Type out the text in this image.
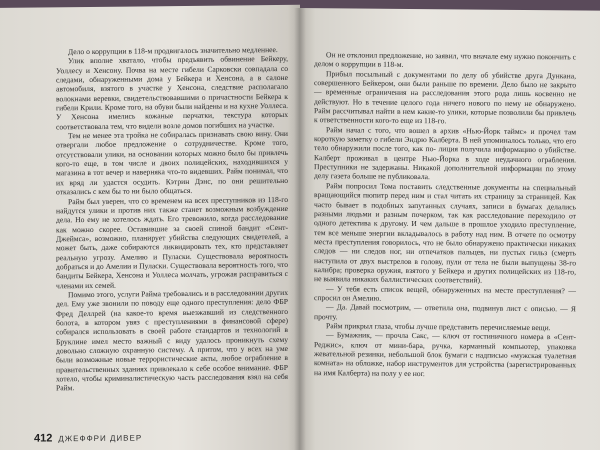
Дело о коррупции в 118-м продвигалось значительно медленнее.

Улик вполне хватало, чтобы предъявить обвинение Бейкеру, Уоллесу и Хенсону. Почва на месте гибели Сарковски совпадала со следами, обнаруженными дома у Бейкера и Хенсона, а в салоне автомобиля, взятого в участке у Хенсона, следствие располагало волокнами веревки, свидетельствовавшими о причастности Бейкера к гибели Крили. Кроме того, на обуви были найдены и на кухне Уоллеса. У Хенсона имелись кожаные перчатки, текстура которых соответствовала тем, что видели возле домов погибших на участке.

Тем не менее эта тройка не собиралась признавать свою вину. Они отвергали любое предложение о сотрудничестве. Кроме того, отсутствовали улики, на основании которых можно было бы привлечь кого-то еще, в том числе и двоих полицейских, находившихся у магазина в тот вечер и наверняка что-то видевших. Райм понимал, что их вряд ли удастся осудить. Кэтрин Дэнс, по они решительно отказались с кем бы то ни было общаться.

Райм был уверен, что со временем на всех преступников из 118-го найдутся улики и против них также станет возможным возбуждение дела. Но ему не хотелось ждать. Его тревожило, когда расследование как можно скорее. Оставившие за своей спиной бандит «Сент-Джеймса», возможно, планирует убийства следующих свидетелей, а может быть, даже собираются ликвидировать тех, кто представляет реальную угрозу. Амелию и Пуласки. Существовала вероятность добраться и до Амелии и Пуласки. Существовала вероятность того, что бандиты Бейкера, Хенсона и Уоллеса молчать, угрожая расправиться с членами их семей.

Помимо этого, услуги Райма требовались и в расследовании других дел. Ему уже звонили по поводу еще одного преступления: дело ФБР Фред Деллрей (на какое-то время выезжавший из следственного болота, в котором увяз с преступлениями в финансовой сфере) собирался использовать в своей работе стандартов и технологий в Бруклине имел место важный с виду удалось проникнуть схему довольно сложную охранную систему. А притом, что у всех на уме были возможные новые террористические акты, любое ограбление в правительственных зданиях привлекало к себе особое внимание. ФБР хотело, чтобы криминалистическую часть расследования взял на себя Райм.

412 ДЖЕФФРИ ДИВЕР

Он не отклонил предложение, но заявил, что вначале ему нужно покончить с делом о коррупции в 118-м.

Прибыл посыльный с документами по делу об убийстве друга Дункана, совершенного Бейкером, они были раньше по времени. Дело было не закрыто — временные ограничения на расследования этого рода лишь косвенно не действуют. Но в течение целого года ничего нового по нему не обнаружено. Райм рассчитывал найти в нем какие-то улики, которые позволили бы привлечь к ответственности кого-то еще из 118-го.

Райм начал с того, что вошел в архив «Нью-Йорк таймс» и прочел там короткую заметку о гибели Эндрю Калберта. В ней упоминалось только, что его тело обнаружили после того, как по- лиция получила информацию о убийстве. Калберт проживал в центре Нью-Йорка в ходе неудачного ограбления. Преступники не задержаны. Никакой дополнительной информации по этому делу газета больше не публиковала.

Райм попросил Тома поставить следственные документы на специальный вращающийся пюпитр перед ним и стал читать их страницу за страницей. Как часто бывает в подобных запутанных случаях, записи в бумагах делались разными людьми и разным почерком, так как расследование переходило от одного детектива к другому. И чем дальше в прошлое уходило преступление, тем все меньше энергии вкладывалось в работу над ним. В отчете по осмотру места преступления говорилось, что не было обнаружено практически никаких следов — ни следов ног, ни отпечатков пальцев, ни пустых гильз (смерть наступила от двух выстрелов в голову, пули от тела не были выпущены 38-го калибра; проверка оружия, взятого у Бейкера и других полицейских из 118-го, не выявила никаких баллистических соответствий).

— У тебя есть список вещей, обнаруженных на месте преступления? — спросил он Амелию.

— Да. Давай посмотрим, — ответила она, подвинув лист с описью. — Я прочту.

Райм прикрыл глаза, чтобы лучше представить перечисляемые вещи.

— Бумажник, — прочла Сакс, — ключ от гостиничного номера в «Сент-Реджис», ключ от мини-бара, ручка, карманный компьютер, упаковка жевательной резинки, небольшой блок бумаги с надписью «мужская туалетная комната» на обложке, набор инструментов для устройства (зарегистрированных на имя Калберта) на полу у ее ног.
